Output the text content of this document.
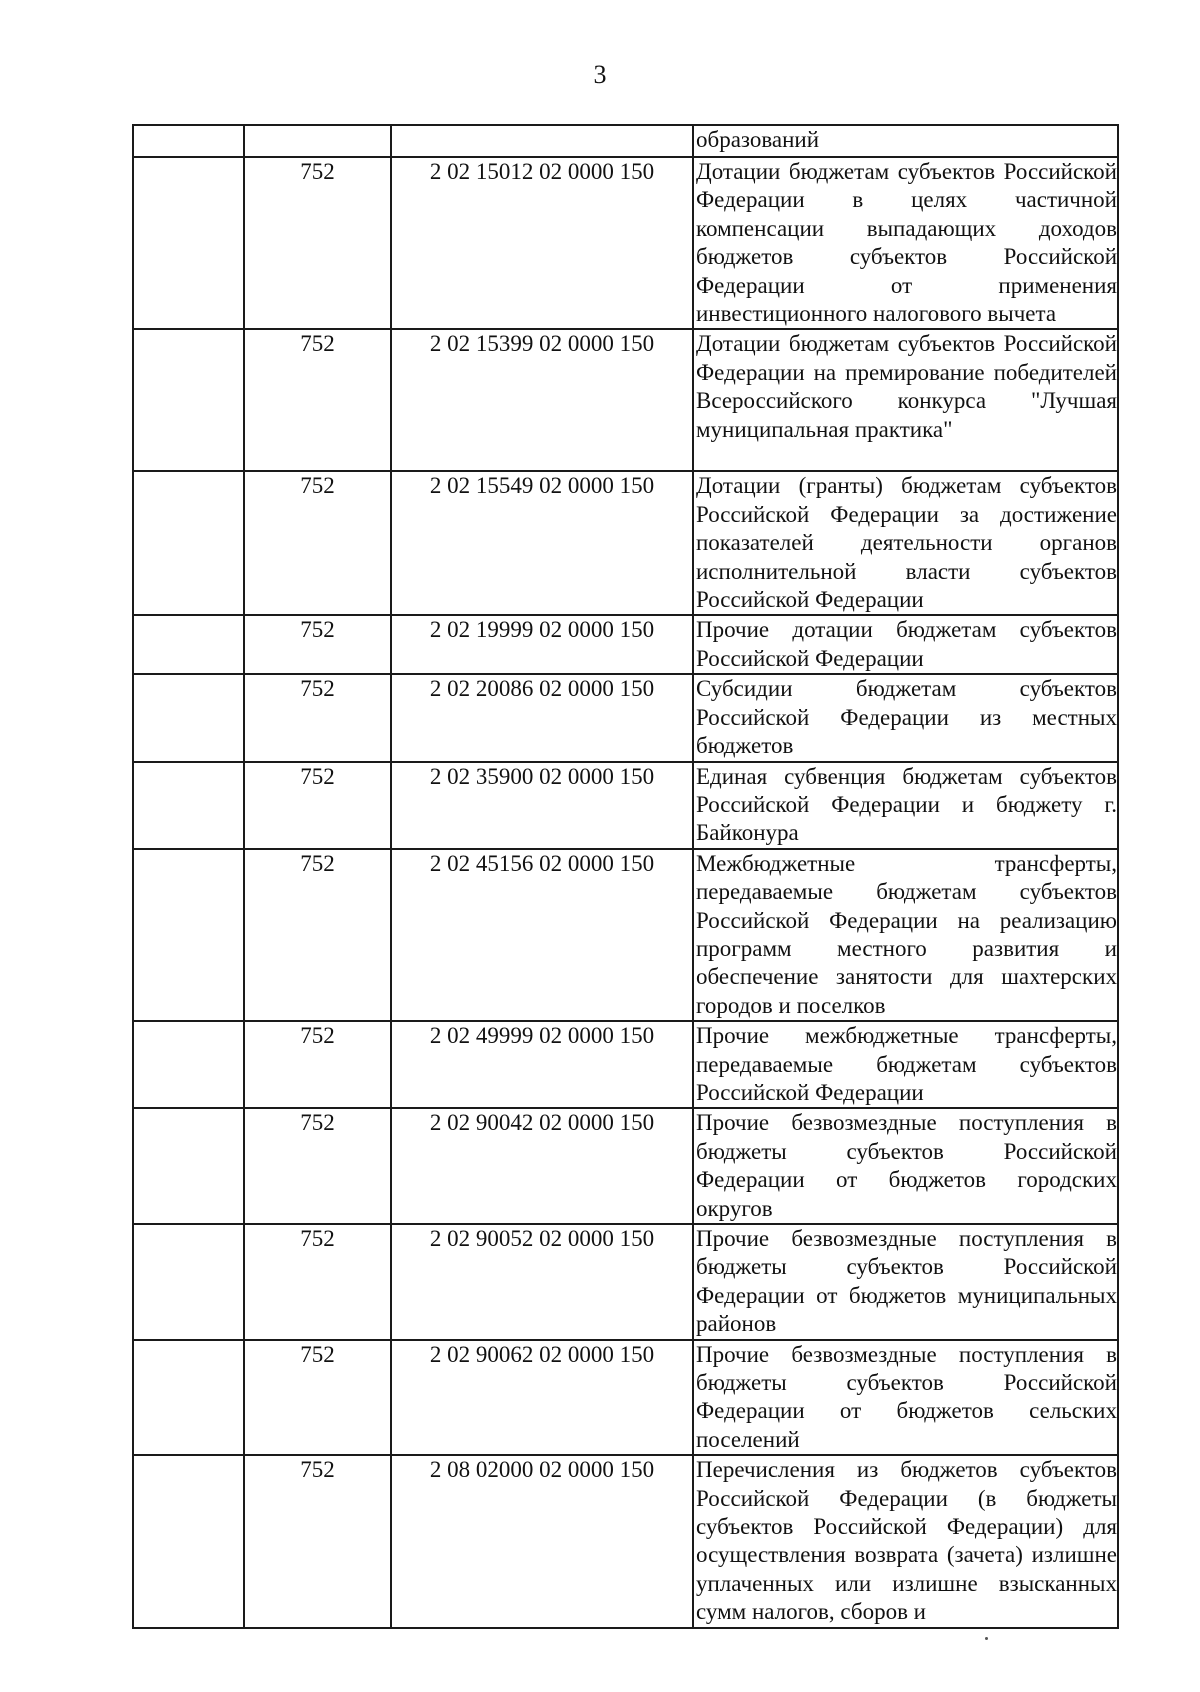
3
			образований
	752	2 02 15012 02 0000 150	Дотации бюджетам субъектов Российской Федерации в целях частичной компенсации выпадающих доходов бюджетов субъектов Российской Федерации от применения инвестиционного налогового вычета
	752	2 02 15399 02 0000 150	Дотации бюджетам субъектов Российской Федерации на премирование победителей Всероссийского конкурса "Лучшая муниципальная практика"
	752	2 02 15549 02 0000 150	Дотации (гранты) бюджетам субъектов Российской Федерации за достижение показателей деятельности органов исполнительной власти субъектов Российской Федерации
	752	2 02 19999 02 0000 150	Прочие дотации бюджетам субъектов Российской Федерации
	752	2 02 20086 02 0000 150	Субсидии бюджетам субъектов Российской Федерации из местных бюджетов
	752	2 02 35900 02 0000 150	Единая субвенция бюджетам субъектов Российской Федерации и бюджету г. Байконура
	752	2 02 45156 02 0000 150	Межбюджетные трансферты, передаваемые бюджетам субъектов Российской Федерации на реализацию программ местного развития и обеспечение занятости для шахтерских городов и поселков
	752	2 02 49999 02 0000 150	Прочие межбюджетные трансферты, передаваемые бюджетам субъектов Российской Федерации
	752	2 02 90042 02 0000 150	Прочие безвозмездные поступления в бюджеты субъектов Российской Федерации от бюджетов городских округов
	752	2 02 90052 02 0000 150	Прочие безвозмездные поступления в бюджеты субъектов Российской Федерации от бюджетов муниципальных районов
	752	2 02 90062 02 0000 150	Прочие безвозмездные поступления в бюджеты субъектов Российской Федерации от бюджетов сельских поселений
	752	2 08 02000 02 0000 150	Перечисления из бюджетов субъектов Российской Федерации (в бюджеты субъектов Российской Федерации) для осуществления возврата (зачета) излишне уплаченных или излишне взысканных сумм налогов, сборов и
